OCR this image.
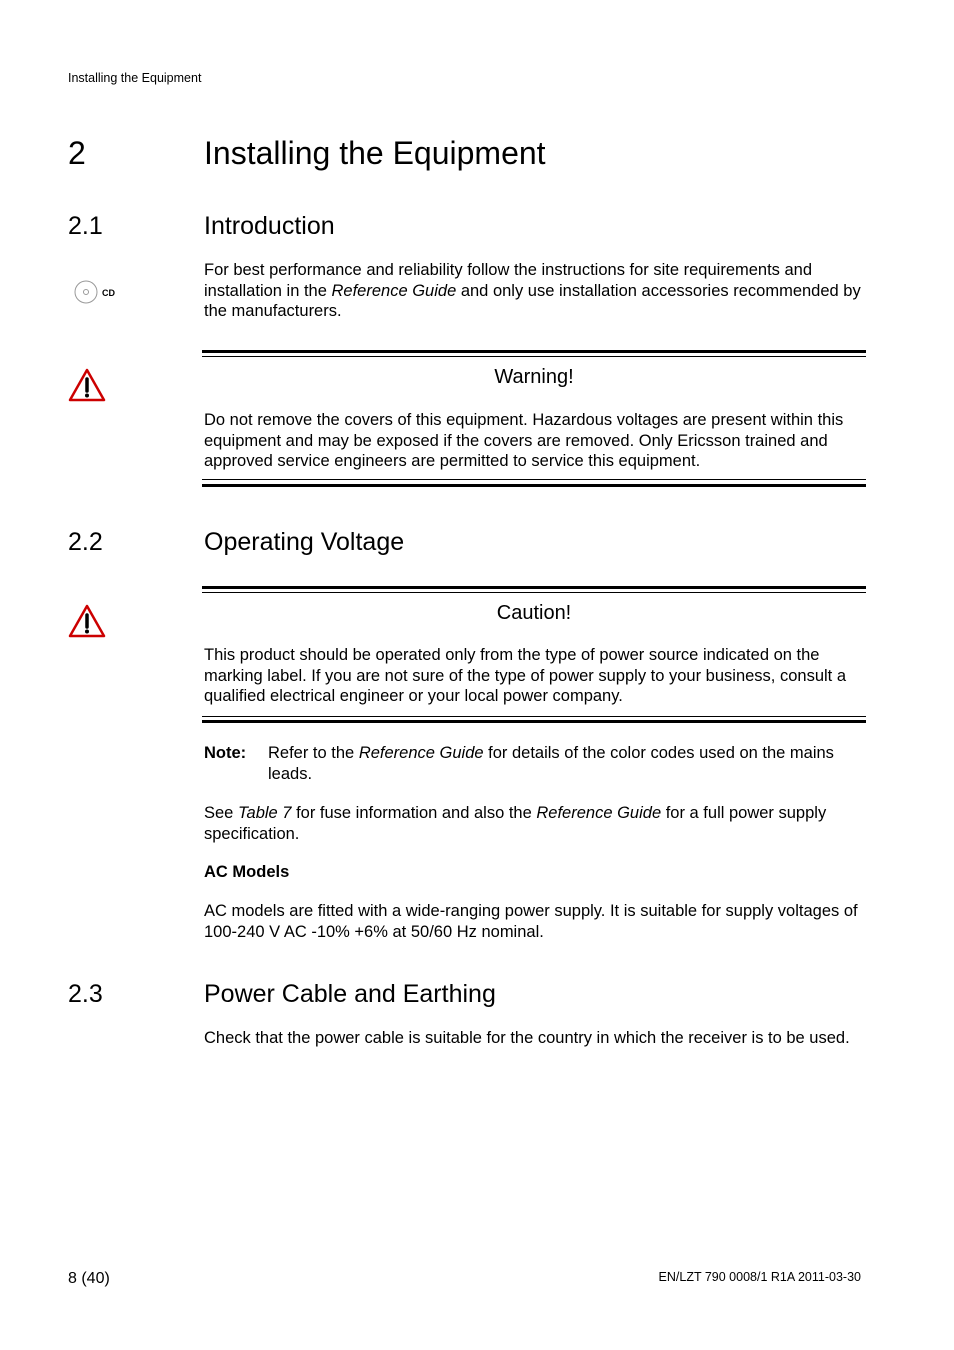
Installing the Equipment
2	Installing the Equipment
2.1	Introduction
CD
For best performance and reliability follow the instructions for site requirements and installation in the Reference Guide and only use installation accessories recommended by the manufacturers.
Warning!
Do not remove the covers of this equipment. Hazardous voltages are present within this equipment and may be exposed if the covers are removed. Only Ericsson trained and approved service engineers are permitted to service this equipment.
2.2	Operating Voltage
Caution!
This product should be operated only from the type of power source indicated on the marking label. If you are not sure of the type of power supply to your business, consult a qualified electrical engineer or your local power company.
Note: Refer to the Reference Guide for details of the color codes used on the mains leads.
See Table 7 for fuse information and also the Reference Guide for a full power supply specification.
AC Models
AC models are fitted with a wide-ranging power supply. It is suitable for supply voltages of 100-240 V AC -10% +6% at 50/60 Hz nominal.
2.3	Power Cable and Earthing
Check that the power cable is suitable for the country in which the receiver is to be used.
8 (40)	EN/LZT 790 0008/1 R1A 2011-03-30
